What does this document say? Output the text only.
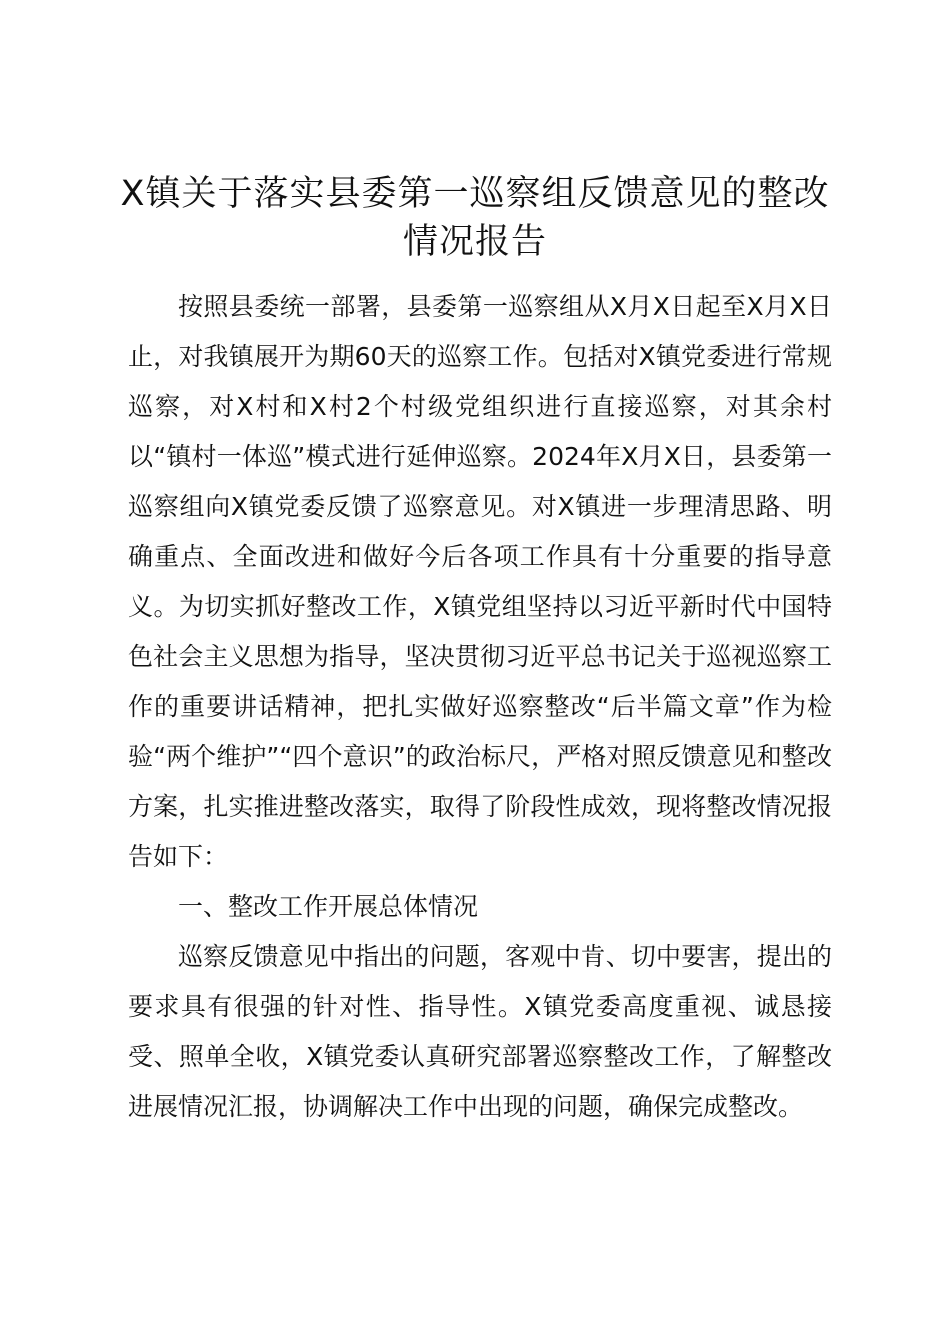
X镇关于落实县委第一巡察组反馈意见的整改情况报告

按照县委统一部署，县委第一巡察组从X月X日起至X月X日止，对我镇展开为期60天的巡察工作。包括对X镇党委进行常规巡察，对X村和X村2个村级党组织进行直接巡察，对其余村以“镇村一体巡”模式进行延伸巡察。2024年X月X日，县委第一巡察组向X镇党委反馈了巡察意见。对X镇进一步理清思路、明确重点、全面改进和做好今后各项工作具有十分重要的指导意义。为切实抓好整改工作，X镇党组坚持以习近平新时代中国特色社会主义思想为指导，坚决贯彻习近平总书记关于巡视巡察工作的重要讲话精神，把扎实做好巡察整改“后半篇文章”作为检验“两个维护”“四个意识”的政治标尺，严格对照反馈意见和整改方案，扎实推进整改落实，取得了阶段性成效，现将整改情况报告如下：

一、整改工作开展总体情况

巡察反馈意见中指出的问题，客观中肯、切中要害，提出的要求具有很强的针对性、指导性。X镇党委高度重视、诚恳接受、照单全收，X镇党委认真研究部署巡察整改工作，了解整改进展情况汇报，协调解决工作中出现的问题，确保完成整改。
